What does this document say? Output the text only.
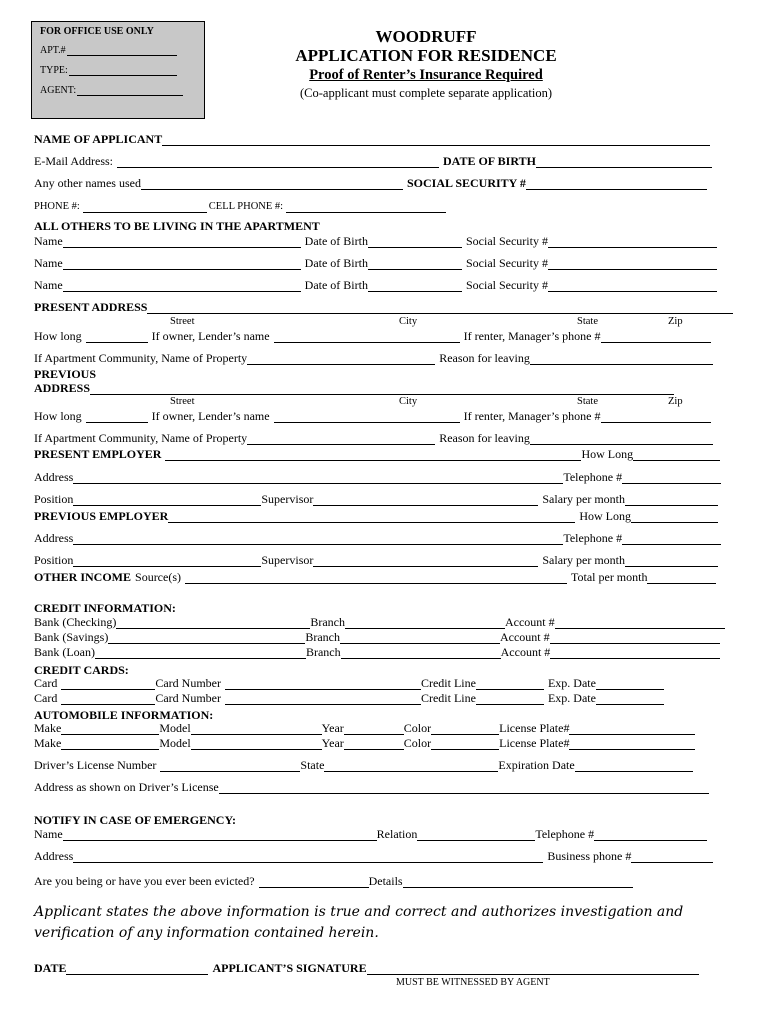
FOR OFFICE USE ONLY
APT.#
TYPE:
AGENT:
WOODRUFF
APPLICATION FOR RESIDENCE
Proof of Renter’s Insurance Required
(Co-applicant must complete separate application)
NAME OF APPLICANT
E-Mail Address:	DATE OF BIRTH
Any other names used	SOCIAL SECURITY #
PHONE #:	CELL PHONE #:
ALL OTHERS TO BE LIVING IN THE APARTMENT
Name	Date of Birth	Social Security #
Name	Date of Birth	Social Security #
Name	Date of Birth	Social Security #
PRESENT ADDRESS
Street	City	State	Zip
How long	If owner, Lender’s name	If renter, Manager’s phone #
If Apartment Community, Name of Property	Reason for leaving
PREVIOUS
ADDRESS
Street	City	State	Zip
How long	If owner, Lender’s name	If renter, Manager’s phone #
If Apartment Community, Name of Property	Reason for leaving
PRESENT EMPLOYER	How Long
Address	Telephone #
Position	Supervisor	Salary per month
PREVIOUS EMPLOYER	How Long
Address	Telephone #
Position	Supervisor	Salary per month
OTHER INCOME Source(s)	Total per month
CREDIT INFORMATION:
Bank (Checking)	Branch	Account #
Bank (Savings)	Branch	Account #
Bank (Loan)	Branch	Account #
CREDIT CARDS:
Card	Card Number	Credit Line	Exp. Date
Card	Card Number	Credit Line	Exp. Date
AUTOMOBILE INFORMATION:
Make	Model	Year	Color	License Plate#
Make	Model	Year	Color	License Plate#
Driver’s License Number	State	Expiration Date
Address as shown on Driver’s License
NOTIFY IN CASE OF EMERGENCY:
Name	Relation	Telephone #
Address	Business phone #
Are you being or have you ever been evicted?	Details
Applicant states the above information is true and correct and authorizes investigation and verification of any information contained herein.
DATE	APPLICANT’S SIGNATURE
MUST BE WITNESSED BY AGENT
